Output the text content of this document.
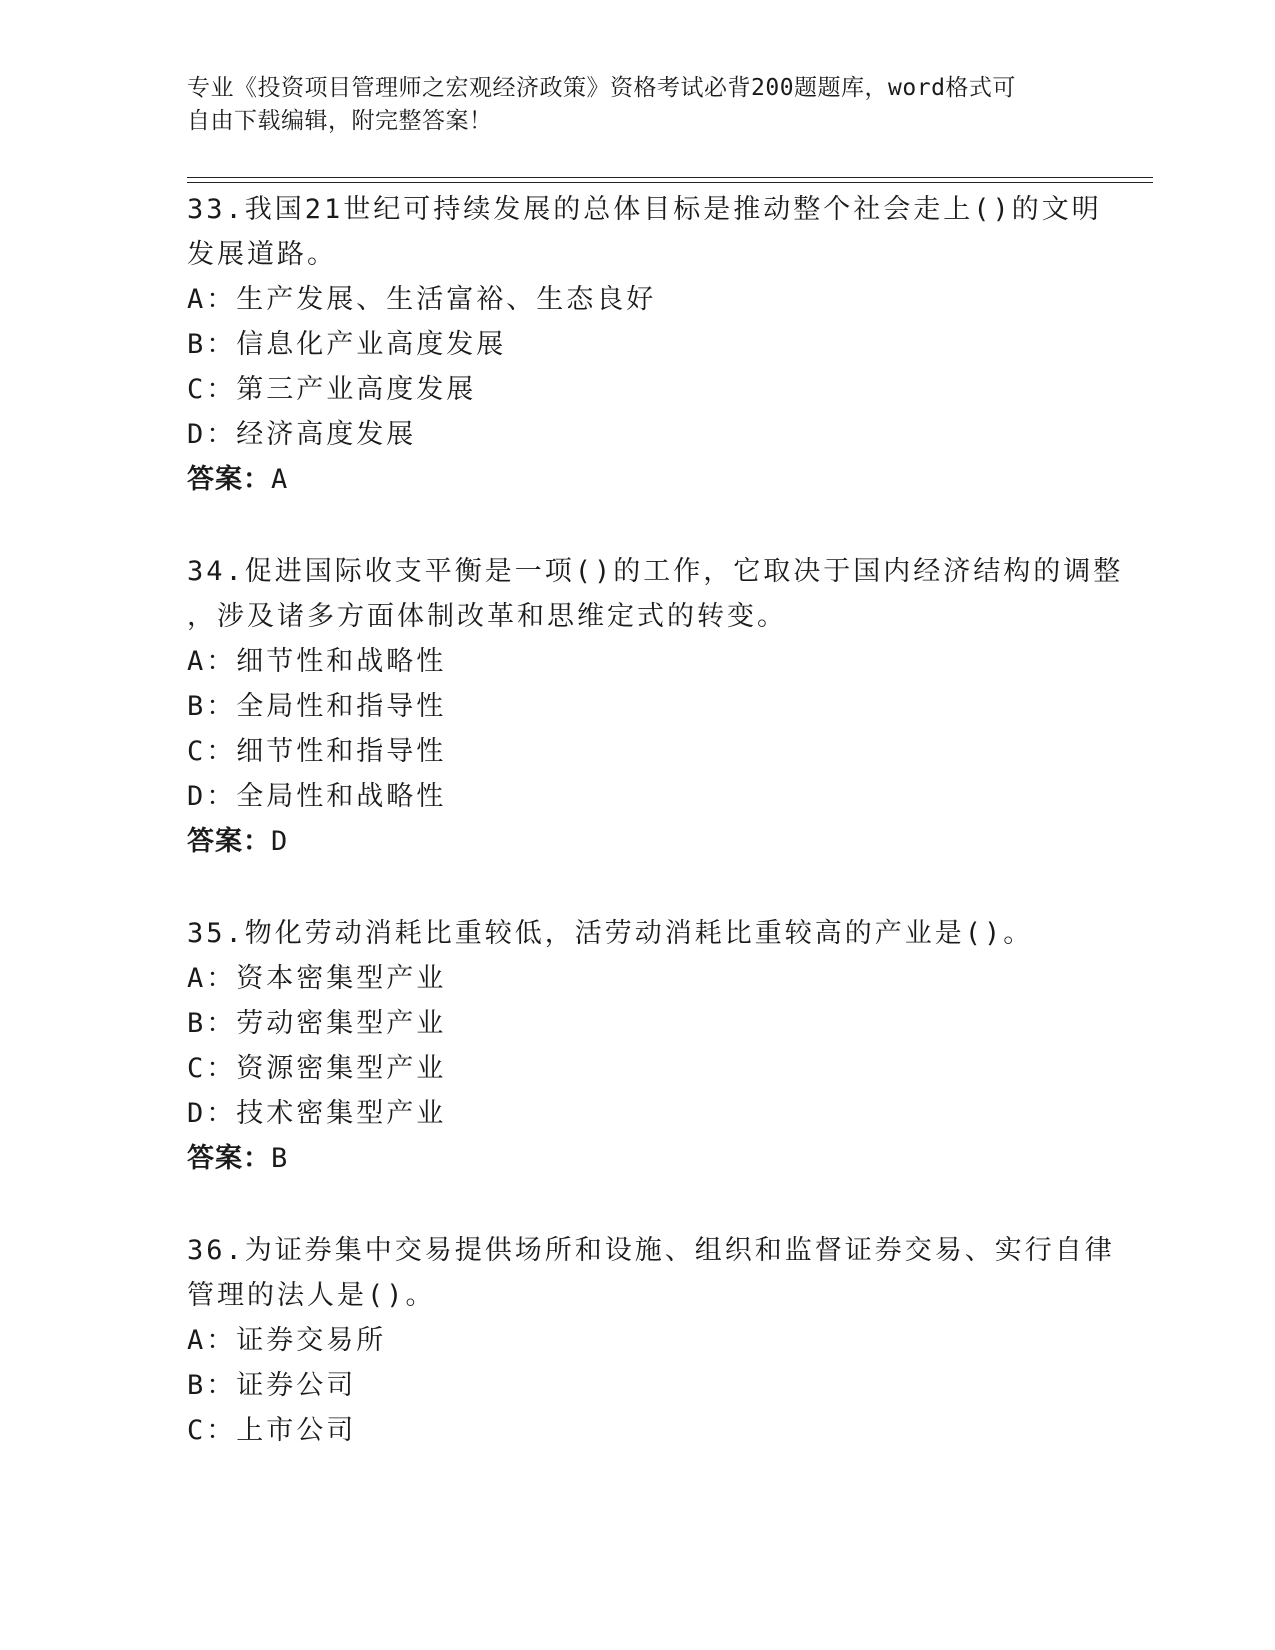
专业《投资项目管理师之宏观经济政策》资格考试必背200题题库，word格式可
自由下载编辑，附完整答案！
33.我国21世纪可持续发展的总体目标是推动整个社会走上()的文明
发展道路。
A：生产发展、生活富裕、生态良好
B：信息化产业高度发展
C：第三产业高度发展
D：经济高度发展
答案：A
34.促进国际收支平衡是一项()的工作，它取决于国内经济结构的调整
，涉及诸多方面体制改革和思维定式的转变。
A：细节性和战略性
B：全局性和指导性
C：细节性和指导性
D：全局性和战略性
答案：D
35.物化劳动消耗比重较低，活劳动消耗比重较高的产业是()。
A：资本密集型产业
B：劳动密集型产业
C：资源密集型产业
D：技术密集型产业
答案：B
36.为证券集中交易提供场所和设施、组织和监督证券交易、实行自律
管理的法人是()。
A：证券交易所
B：证券公司
C：上市公司
